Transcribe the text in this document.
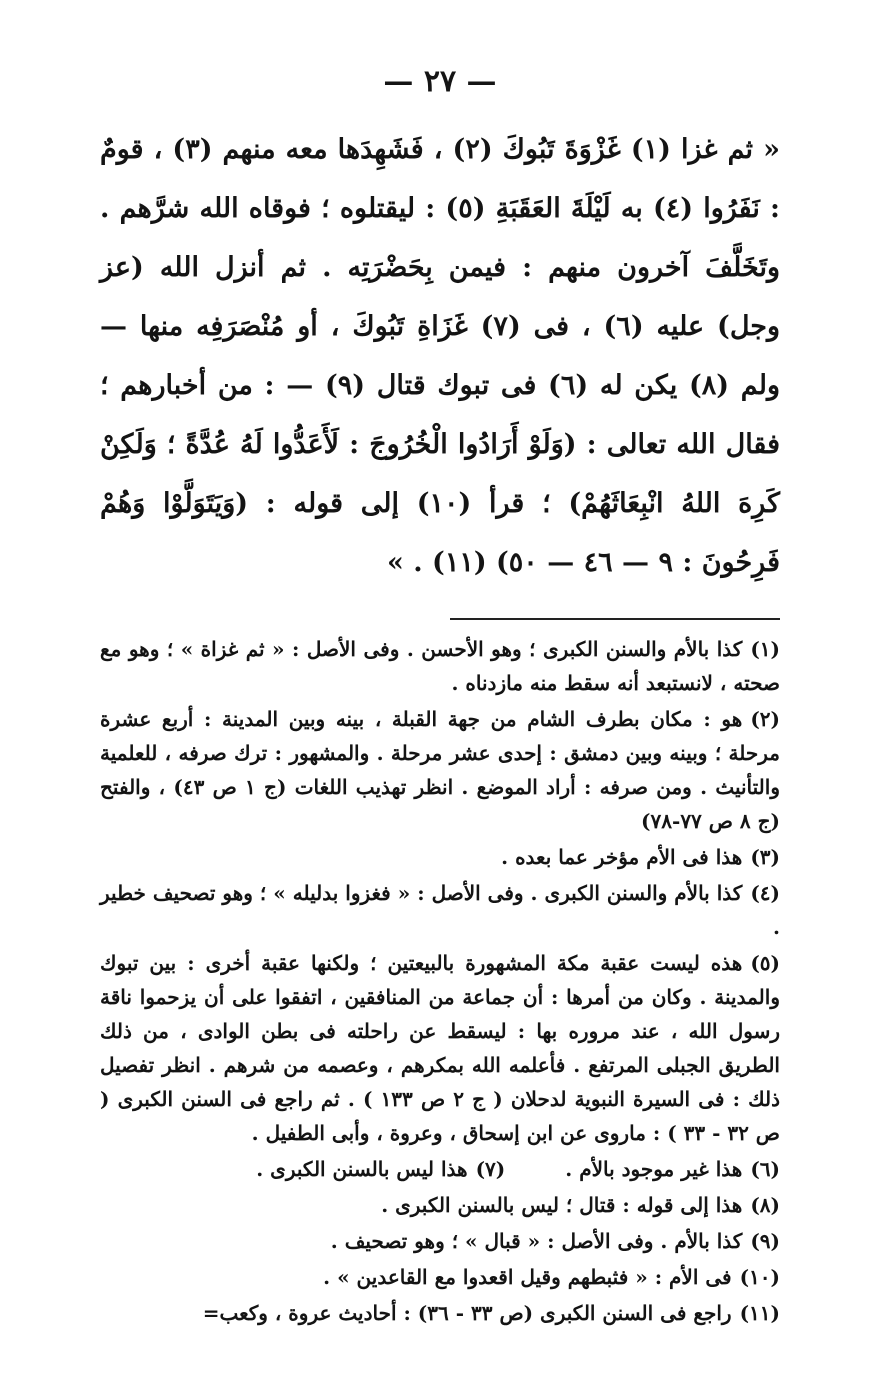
— ٢٧ —

« ثم غزا (١) غَزْوَةَ تَبُوكَ (٢) ، فَشَهِدَها معه منهم (٣) ، قومٌ : نَفَرُوا (٤) به لَيْلَةَ العَقَبَةِ (٥) : ليقتلوه ؛ فوقاه الله شرَّهم . وتَخَلَّفَ آخرون منهم : فيمن بِحَضْرَتِه . ثم أنزل الله (عز وجل) عليه (٦) ، فى (٧) غَزَاةِ تَبُوكَ ، أو مُنْصَرَفِه منها — ولم (٨) يكن له (٦) فى تبوك قتال (٩) — : من أخبارهم ؛ فقال الله تعالى : (وَلَوْ أَرَادُوا الْخُرُوجَ : لَأَعَدُّوا لَهُ عُدَّةً ؛ وَلَكِنْ كَرِهَ اللهُ انْبِعَاثَهُمْ) ؛ قرأ (١٠) إلى قوله : (وَيَتَوَلَّوْا وَهُمْ فَرِحُونَ : ٩ — ٤٦ — ٥٠) (١١) . »

(١)كذا بالأم والسنن الكبرى ؛ وهو الأحسن . وفى الأصل : « ثم غزاة » ؛ وهو مع صحته ، لانستبعد أنه سقط منه مازدناه .

(٢)هو : مكان بطرف الشام من جهة القبلة ، بينه وبين المدينة : أربع عشرة مرحلة ؛ وبينه وبين دمشق : إحدى عشر مرحلة . والمشهور : ترك صرفه ، للعلمية والتأنيث . ومن صرفه : أراد الموضع . انظر تهذيب اللغات (ج ١ ص ٤٣) ، والفتح (ج ٨ ص ٧٧-٧٨)

(٣)هذا فى الأم مؤخر عما بعده .

(٤)كذا بالأم والسنن الكبرى . وفى الأصل : « فغزوا بدليله » ؛ وهو تصحيف خطير .

(٥)هذه ليست عقبة مكة المشهورة بالبيعتين ؛ ولكنها عقبة أخرى : بين تبوك والمدينة . وكان من أمرها : أن جماعة من المنافقين ، اتفقوا على أن يزحموا ناقة رسول الله ، عند مروره بها : ليسقط عن راحلته فى بطن الوادى ، من ذلك الطريق الجبلى المرتفع . فأعلمه الله بمكرهم ، وعصمه من شرهم . انظر تفصيل ذلك : فى السيرة النبوية لدحلان ( ج ٢ ص ١٣٣ ) . ثم راجع فى السنن الكبرى ( ص ٣٢ - ٣٣ ) : ماروى عن ابن إسحاق ، وعروة ، وأبى الطفيل .

(٦)هذا غير موجود بالأم .
(٧)هذا ليس بالسنن الكبرى .

(٨)هذا إلى قوله : قتال ؛ ليس بالسنن الكبرى .

(٩)كذا بالأم . وفى الأصل : « قبال » ؛ وهو تصحيف .

(١٠)فى الأم : « فثبطهم وقيل اقعدوا مع القاعدين » .

(١١)راجع فى السنن الكبرى (ص ٣٣ - ٣٦) : أحاديث عروة ، وكعب=
